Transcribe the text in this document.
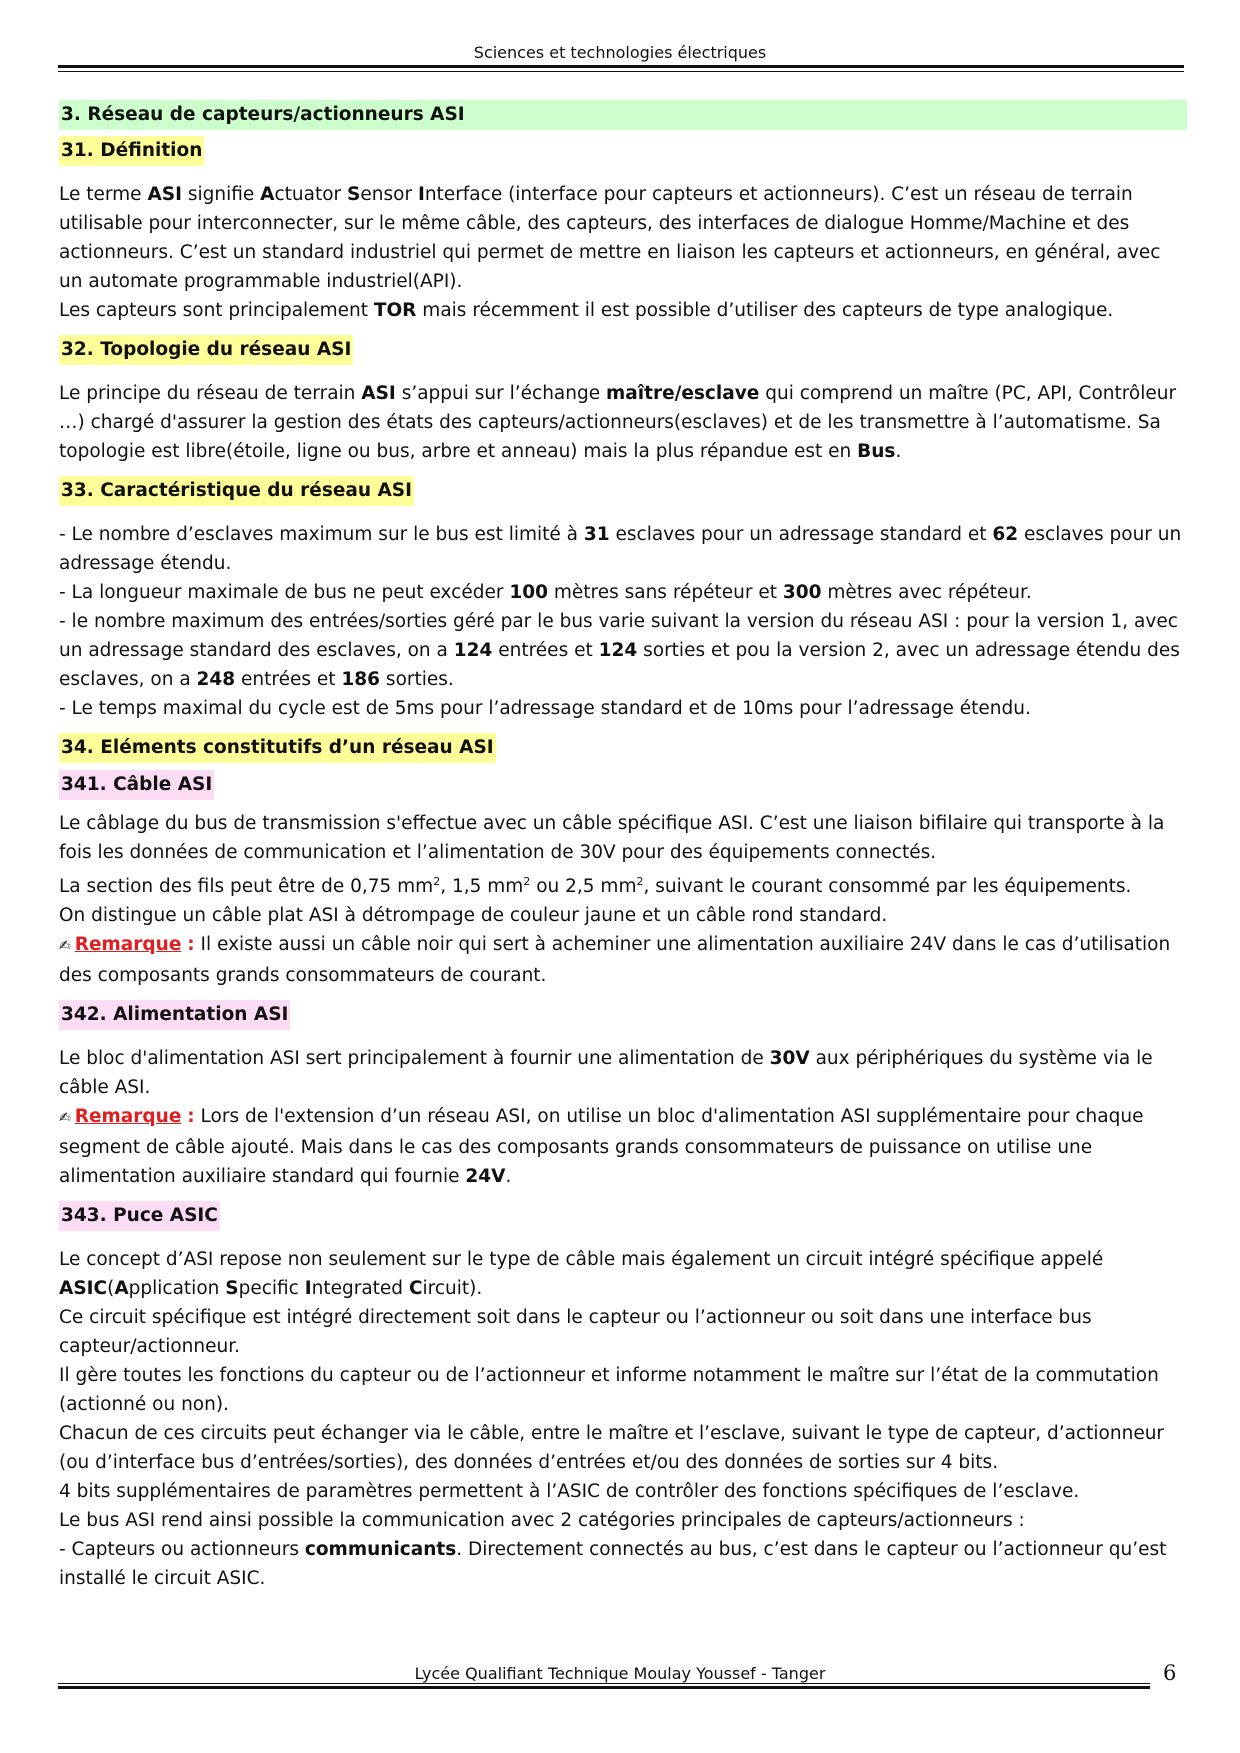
Sciences et technologies électriques
3. Réseau de capteurs/actionneurs ASI
31. Définition

Le terme ASI signifie Actuator Sensor Interface (interface pour capteurs et actionneurs). C’est un réseau de terrain utilisable pour interconnecter, sur le même câble, des capteurs, des interfaces de dialogue Homme/Machine et des actionneurs. C’est un standard industriel qui permet de mettre en liaison les capteurs et actionneurs, en général, avec un automate programmable industriel(API).

Les capteurs sont principalement TOR mais récemment il est possible d’utiliser des capteurs de type analogique.

32. Topologie du réseau ASI

Le principe du réseau de terrain ASI s’appui sur l’échange maître/esclave qui comprend un maître (PC, API, Contrôleur …) chargé d'assurer la gestion des états des capteurs/actionneurs(esclaves) et de les transmettre à l’automatisme. Sa topologie est libre(étoile, ligne ou bus, arbre et anneau) mais la plus répandue est en Bus.

33. Caractéristique du réseau ASI

- Le nombre d’esclaves maximum sur le bus est limité à 31 esclaves pour un adressage standard et 62 esclaves pour un adressage étendu.

- La longueur maximale de bus ne peut excéder 100 mètres sans répéteur et 300 mètres avec répéteur.

- le nombre maximum des entrées/sorties géré par le bus varie suivant la version du réseau ASI : pour la version 1, avec un adressage standard des esclaves, on a 124 entrées et 124 sorties et pou la version 2, avec un adressage étendu des esclaves, on a 248 entrées et 186 sorties.

- Le temps maximal du cycle est de 5ms pour l’adressage standard et de 10ms pour l’adressage étendu.

34. Eléments constitutifs d’un réseau ASI
341. Câble ASI

Le câblage du bus de transmission s'effectue avec un câble spécifique ASI. C’est une liaison bifilaire qui transporte à la fois les données de communication et l’alimentation de 30V pour des équipements connectés.

La section des fils peut être de 0,75 $mm^2$, 1,5 $mm^2$ ou 2,5 $mm^2$, suivant le courant consommé par les équipements.

On distingue un câble plat ASI à détrompage de couleur jaune et un câble rond standard.

✍ Remarque : Il existe aussi un câble noir qui sert à acheminer une alimentation auxiliaire 24V dans le cas d’utilisation des composants grands consommateurs de courant.

342. Alimentation ASI

Le bloc d'alimentation ASI sert principalement à fournir une alimentation de 30V aux périphériques du système via le câble ASI.

✍ Remarque : Lors de l'extension d’un réseau ASI, on utilise un bloc d'alimentation ASI supplémentaire pour chaque segment de câble ajouté. Mais dans le cas des composants grands consommateurs de puissance on utilise une alimentation auxiliaire standard qui fournie 24V.

343. Puce ASIC

Le concept d’ASI repose non seulement sur le type de câble mais également un circuit intégré spécifique appelé ASIC(Application Specific Integrated Circuit).

Ce circuit spécifique est intégré directement soit dans le capteur ou l’actionneur ou soit dans une interface bus capteur/actionneur.

Il gère toutes les fonctions du capteur ou de l’actionneur et informe notamment le maître sur l’état de la commutation (actionné ou non).

Chacun de ces circuits peut échanger via le câble, entre le maître et l’esclave, suivant le type de capteur, d’actionneur (ou d’interface bus d’entrées/sorties), des données d’entrées et/ou des données de sorties sur 4 bits.

4 bits supplémentaires de paramètres permettent à l’ASIC de contrôler des fonctions spécifiques de l’esclave.

Le bus ASI rend ainsi possible la communication avec 2 catégories principales de capteurs/actionneurs :

- Capteurs ou actionneurs communicants. Directement connectés au bus, c’est dans le capteur ou l’actionneur qu’est installé le circuit ASIC.

Lycée Qualifiant Technique Moulay Youssef - Tanger	6
